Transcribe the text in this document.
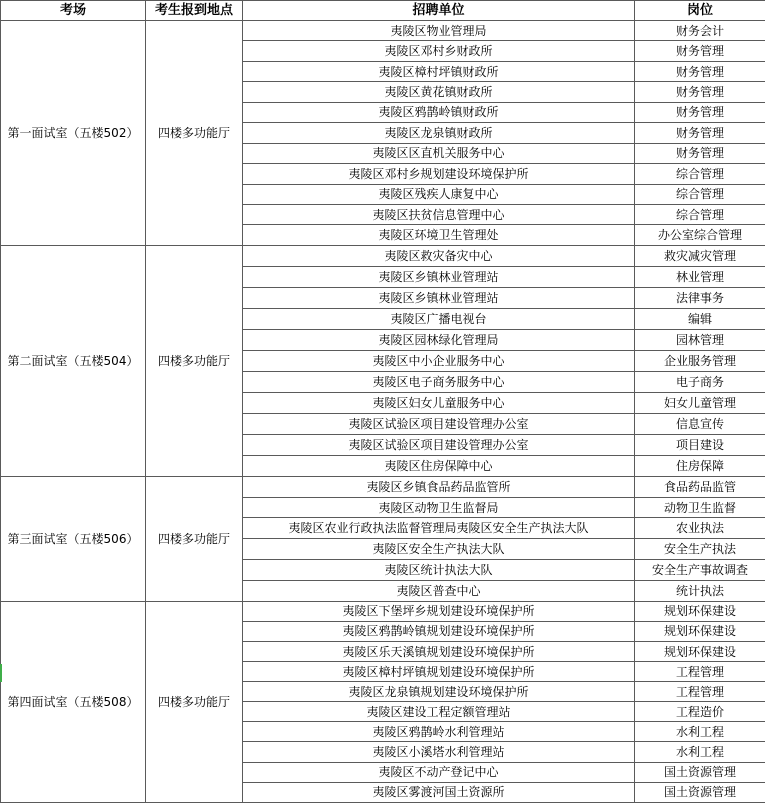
考场	考生报到地点	招聘单位	岗位
第一面试室（五楼502）	四楼多功能厅	夷陵区物业管理局	财务会计
		夷陵区邓村乡财政所	财务管理
		夷陵区樟村坪镇财政所	财务管理
		夷陵区黄花镇财政所	财务管理
		夷陵区鸦鹊岭镇财政所	财务管理
		夷陵区龙泉镇财政所	财务管理
		夷陵区区直机关服务中心	财务管理
		夷陵区邓村乡规划建设环境保护所	综合管理
		夷陵区残疾人康复中心	综合管理
		夷陵区扶贫信息管理中心	综合管理
		夷陵区环境卫生管理处	办公室综合管理
第二面试室（五楼504）	四楼多功能厅	夷陵区救灾备灾中心	救灾减灾管理
		夷陵区乡镇林业管理站	林业管理
		夷陵区乡镇林业管理站	法律事务
		夷陵区广播电视台	编辑
		夷陵区园林绿化管理局	园林管理
		夷陵区中小企业服务中心	企业服务管理
		夷陵区电子商务服务中心	电子商务
		夷陵区妇女儿童服务中心	妇女儿童管理
		夷陵区试验区项目建设管理办公室	信息宣传
		夷陵区试验区项目建设管理办公室	项目建设
		夷陵区住房保障中心	住房保障
第三面试室（五楼506）	四楼多功能厅	夷陵区乡镇食品药品监管所	食品药品监管
		夷陵区动物卫生监督局	动物卫生监督
		夷陵区农业行政执法监督管理局夷陵区安全生产执法大队	农业执法
		夷陵区安全生产执法大队	安全生产执法
		夷陵区统计执法大队	安全生产事故调查
		夷陵区普查中心	统计执法
第四面试室（五楼508）	四楼多功能厅	夷陵区下堡坪乡规划建设环境保护所	规划环保建设
		夷陵区鸦鹊岭镇规划建设环境保护所	规划环保建设
		夷陵区乐天溪镇规划建设环境保护所	规划环保建设
		夷陵区樟村坪镇规划建设环境保护所	工程管理
		夷陵区龙泉镇规划建设环境保护所	工程管理
		夷陵区建设工程定额管理站	工程造价
		夷陵区鸦鹊岭水利管理站	水利工程
		夷陵区小溪塔水利管理站	水利工程
		夷陵区不动产登记中心	国土资源管理
		夷陵区雾渡河国土资源所	国土资源管理
